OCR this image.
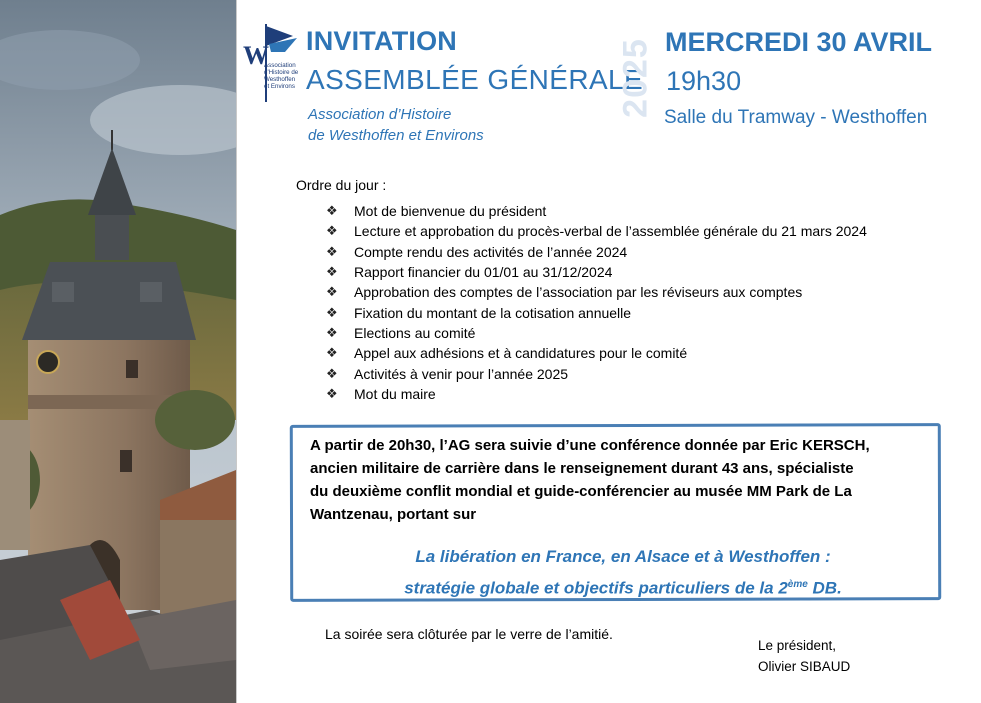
W
Association
d'Histoire de
Westhoffen
et Environs
INVITATION
ASSEMBLÉE GÉNÉRALE
Association d’Histoire
de Westhoffen et Environs
2025 MERCREDI 30 AVRIL
19h30
Salle du Tramway - Westhoffen
Ordre du jour :
❖	Mot de bienvenue du président
❖	Lecture et approbation du procès-verbal de l’assemblée générale du 21 mars 2024
❖	Compte rendu des activités de l’année 2024
❖	Rapport financier du 01/01 au 31/12/2024
❖	Approbation des comptes de l’association par les réviseurs aux comptes
❖	Fixation du montant de la cotisation annuelle
❖	Elections au comité
❖	Appel aux adhésions et à candidatures pour le comité
❖	Activités à venir pour l’année 2025
❖	Mot du maire
A partir de 20h30, l’AG sera suivie d’une conférence donnée par Eric KERSCH,
ancien militaire de carrière dans le renseignement durant 43 ans, spécialiste
du deuxième conflit mondial et guide-conférencier au musée MM Park de La
Wantzenau, portant sur
La libération en France, en Alsace et à Westhoffen :
stratégie globale et objectifs particuliers de la 2ème DB.
La soirée sera clôturée par le verre de l’amitié.
Le président,
Olivier SIBAUD
